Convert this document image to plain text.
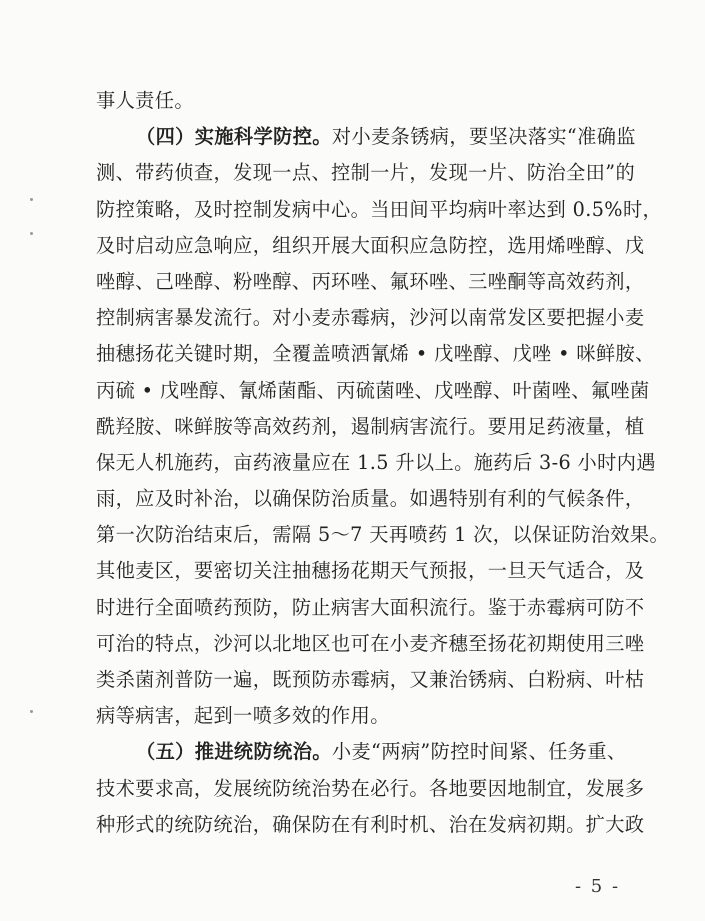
事人责任。
（四）实施科学防控。对小麦条锈病，要坚决落实“准确监
测、带药侦查，发现一点、控制一片，发现一片、防治全田”的
防控策略，及时控制发病中心。当田间平均病叶率达到 0.5%时，
及时启动应急响应，组织开展大面积应急防控，选用烯唑醇、戊
唑醇、己唑醇、粉唑醇、丙环唑、氟环唑、三唑酮等高效药剂，
控制病害暴发流行。对小麦赤霉病，沙河以南常发区要把握小麦
抽穗扬花关键时期，全覆盖喷洒氰烯 • 戊唑醇、戊唑 • 咪鲜胺、
丙硫 • 戊唑醇、氰烯菌酯、丙硫菌唑、戊唑醇、叶菌唑、氟唑菌
酰羟胺、咪鲜胺等高效药剂，遏制病害流行。要用足药液量，植
保无人机施药，亩药液量应在 1.5 升以上。施药后 3-6 小时内遇
雨，应及时补治，以确保防治质量。如遇特别有利的气候条件，
第一次防治结束后，需隔 5～7 天再喷药 1 次，以保证防治效果。
其他麦区，要密切关注抽穗扬花期天气预报，一旦天气适合，及
时进行全面喷药预防，防止病害大面积流行。鉴于赤霉病可防不
可治的特点，沙河以北地区也可在小麦齐穗至扬花初期使用三唑
类杀菌剂普防一遍，既预防赤霉病，又兼治锈病、白粉病、叶枯
病等病害，起到一喷多效的作用。
（五）推进统防统治。小麦“两病”防控时间紧、任务重、
技术要求高，发展统防统治势在必行。各地要因地制宜，发展多
种形式的统防统治，确保防在有利时机、治在发病初期。扩大政
- 5 -
